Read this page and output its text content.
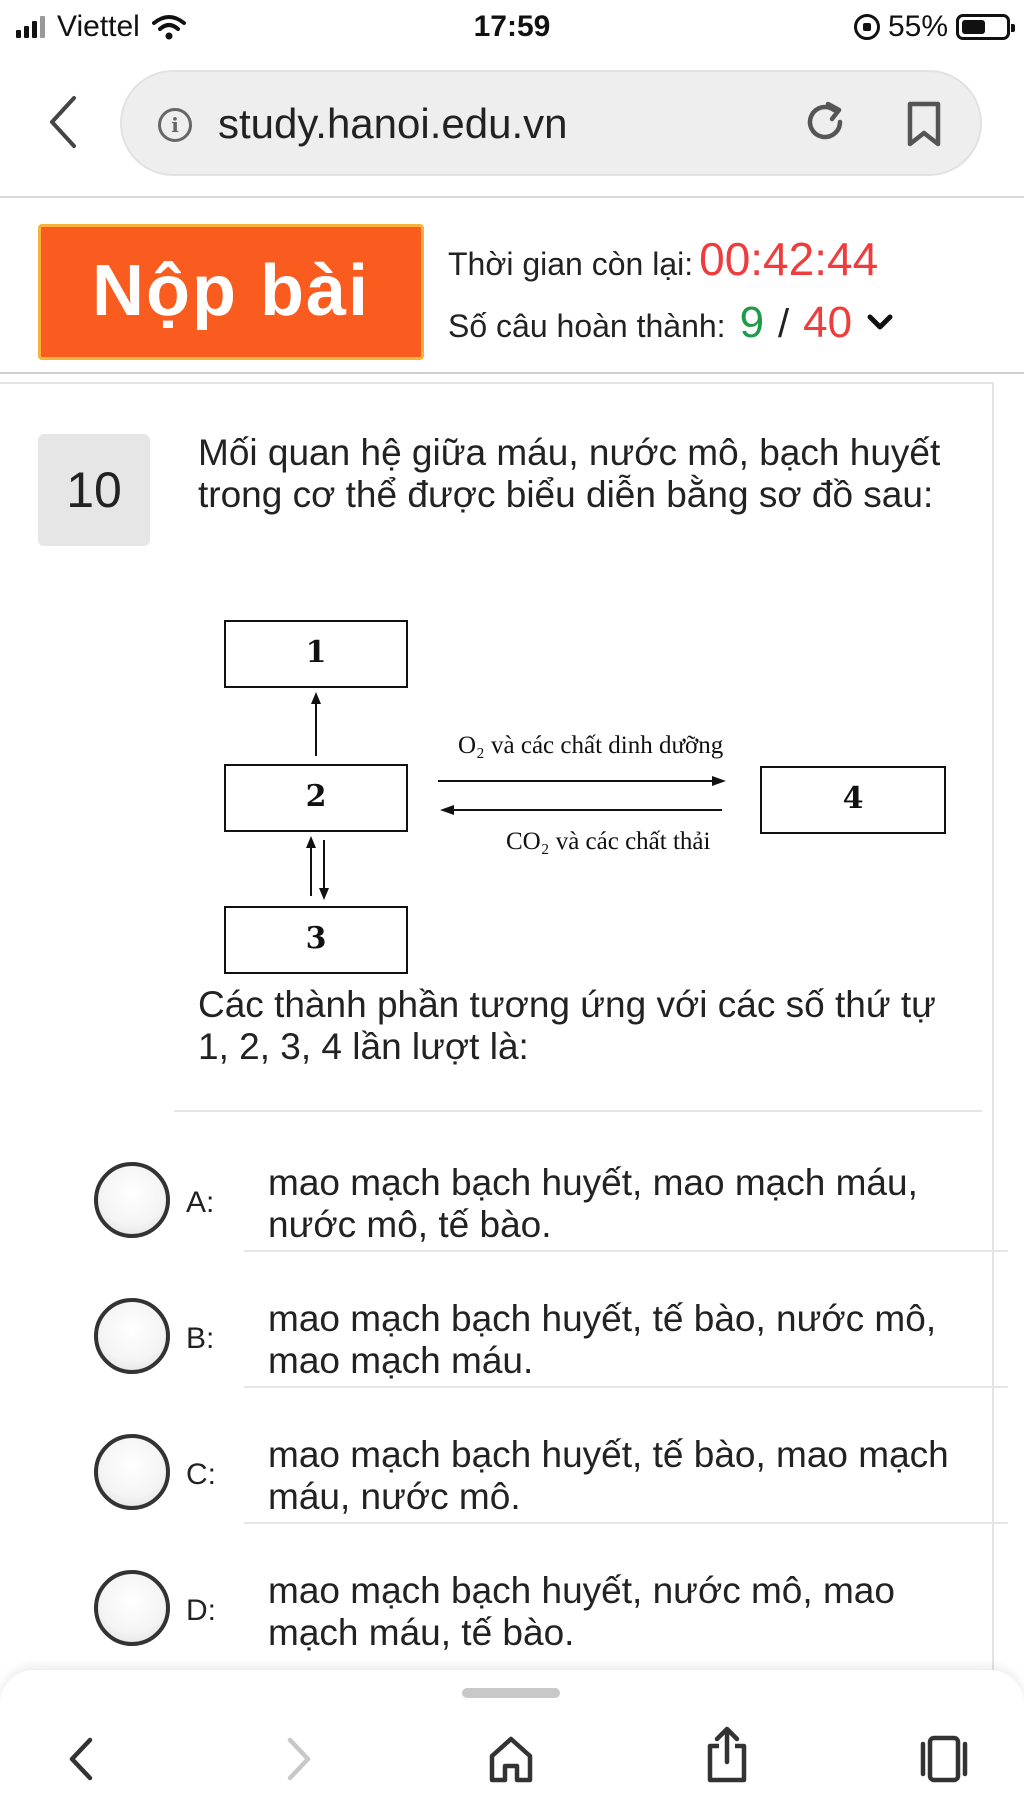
Viettel	17:59	55%
i study.hanoi.edu.vn
Nộp bài	Thời gian còn lại: 00:42:44
Số câu hoàn thành: 9 / 40
10
Mối quan hệ giữa máu, nước mô, bạch huyết trong cơ thể được biểu diễn bằng sơ đồ sau:
1
2
3
4
O₂ và các chất dinh dưỡng
CO₂ và các chất thải
Các thành phần tương ứng với các số thứ tự 1, 2, 3, 4 lần lượt là:
A: mao mạch bạch huyết, mao mạch máu, nước mô, tế bào.
B: mao mạch bạch huyết, tế bào, nước mô, mao mạch máu.
C: mao mạch bạch huyết, tế bào, mao mạch máu, nước mô.
D: mao mạch bạch huyết, nước mô, mao mạch máu, tế bào.
